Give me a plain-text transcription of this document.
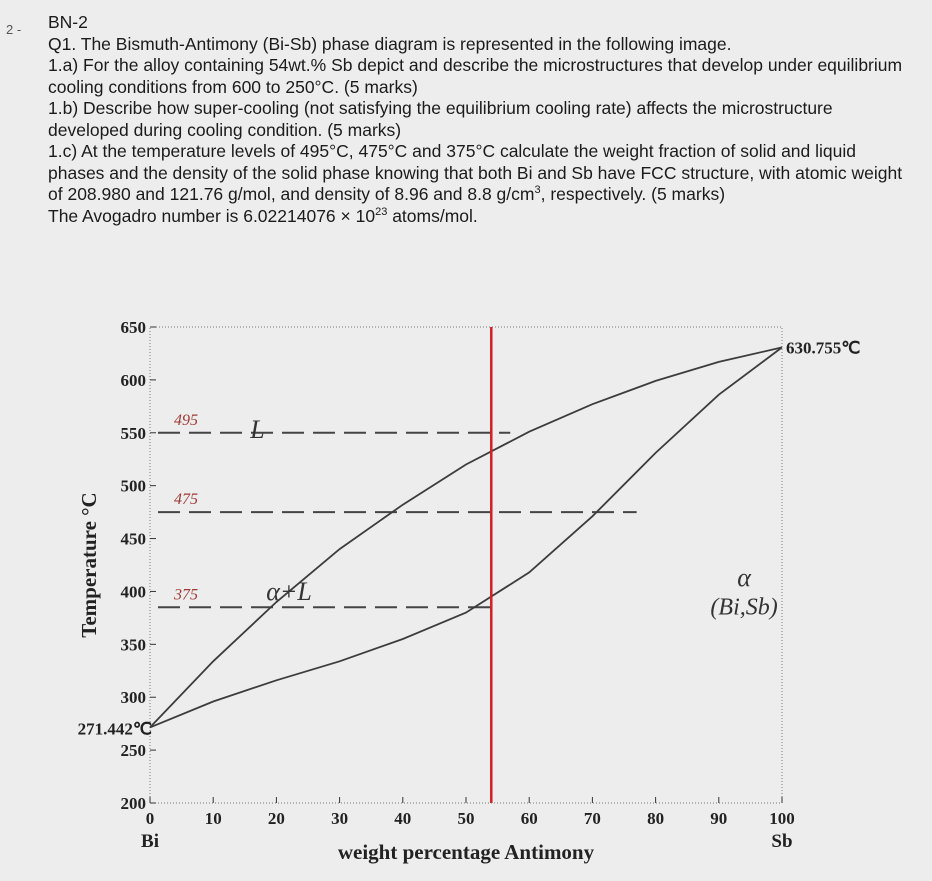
2 - BN-2
Q1. The Bismuth-Antimony (Bi-Sb) phase diagram is represented in the following image.
1.a) For the alloy containing 54wt.% Sb depict and describe the microstructures that develop under equilibrium cooling conditions from 600 to 250°C. (5 marks)
1.b) Describe how super-cooling (not satisfying the equilibrium cooling rate) affects the microstructure developed during cooling condition. (5 marks)
1.c) At the temperature levels of 495°C, 475°C and 375°C calculate the weight fraction of solid and liquid phases and the density of the solid phase knowing that both Bi and Sb have FCC structure, with atomic weight of 208.980 and 121.76 g/mol, and density of 8.96 and 8.8 $g/cm^3$, respectively. (5 marks)
The Avogadro number is $6.02214076 \times 10^{23}$ atoms/mol.
650
600
550
500
450
400
350
300
250
200
Temperature °C
0	10	20	30	40	50	60	70	80	90 100
Bi	Sb
weight percentage Antimony
495
475
375
L
α+L	α
(Bi,Sb)
271.442℃
630.755℃
